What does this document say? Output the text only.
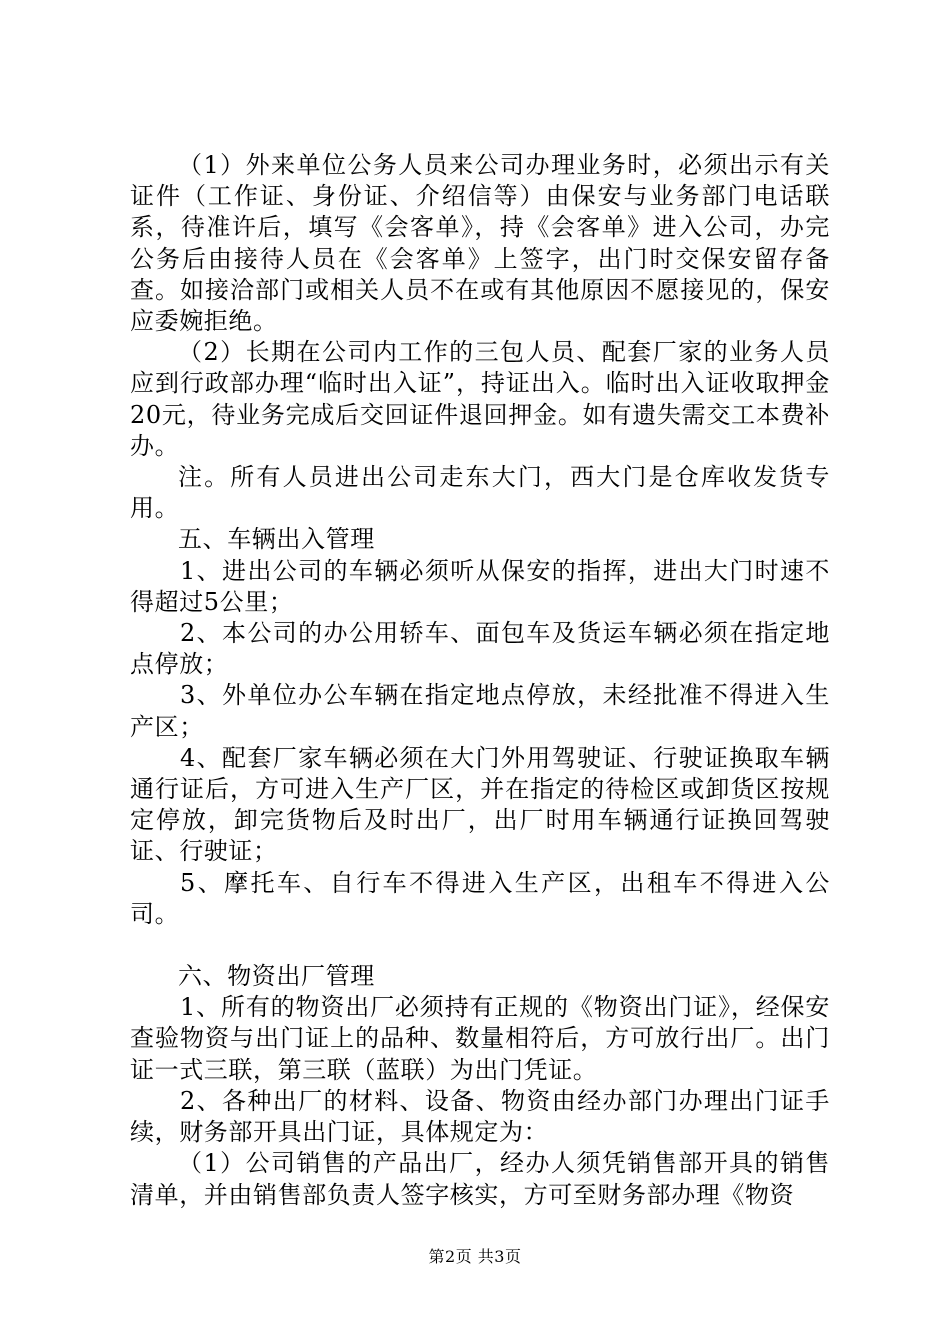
（1）外来单位公务人员来公司办理业务时，必须出示有关证件（工作证、身份证、介绍信等）由保安与业务部门电话联系，待准许后，填写《会客单》，持《会客单》进入公司，办完公务后由接待人员在《会客单》上签字，出门时交保安留存备查。如接洽部门或相关人员不在或有其他原因不愿接见的，保安应委婉拒绝。

（2）长期在公司内工作的三包人员、配套厂家的业务人员应到行政部办理“临时出入证”，持证出入。临时出入证收取押金20元，待业务完成后交回证件退回押金。如有遗失需交工本费补办。

注。所有人员进出公司走东大门，西大门是仓库收发货专用。

五、车辆出入管理

1、进出公司的车辆必须听从保安的指挥，进出大门时速不得超过5公里；

2、本公司的办公用轿车、面包车及货运车辆必须在指定地点停放；

3、外单位办公车辆在指定地点停放，未经批准不得进入生产区；

4、配套厂家车辆必须在大门外用驾驶证、行驶证换取车辆通行证后，方可进入生产厂区，并在指定的待检区或卸货区按规定停放，卸完货物后及时出厂，出厂时用车辆通行证换回驾驶证、行驶证；

5、摩托车、自行车不得进入生产区，出租车不得进入公司。

六、物资出厂管理

1、所有的物资出厂必须持有正规的《物资出门证》，经保安查验物资与出门证上的品种、数量相符后，方可放行出厂。出门证一式三联，第三联（蓝联）为出门凭证。

2、各种出厂的材料、设备、物资由经办部门办理出门证手续，财务部开具出门证，具体规定为：

（1）公司销售的产品出厂，经办人须凭销售部开具的销售清单，并由销售部负责人签字核实，方可至财务部办理《物资

第2页 共3页
